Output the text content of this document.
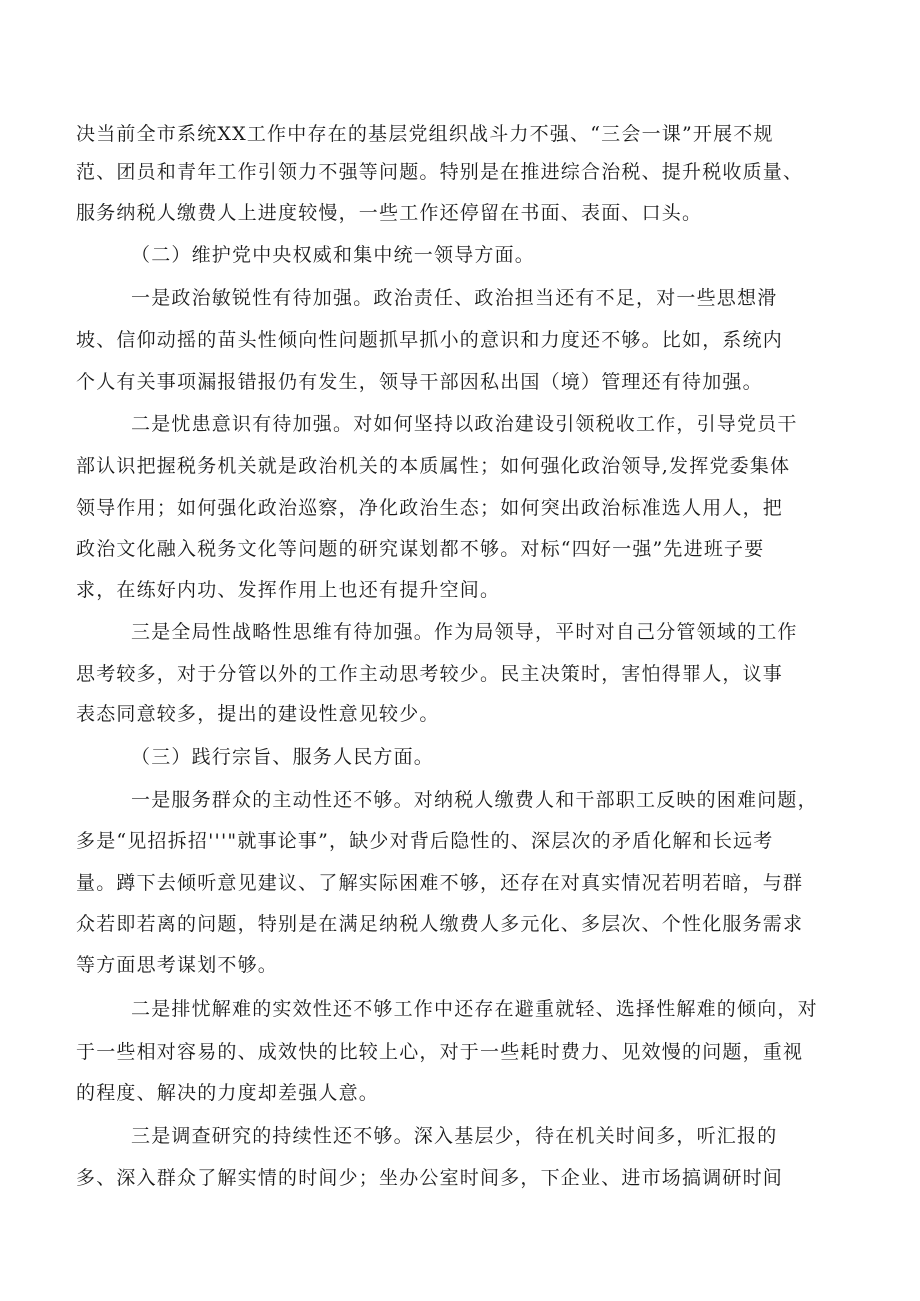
决当前全市系统XX工作中存在的基层党组织战斗力不强、“三会一课”开展不规

范、团员和青年工作引领力不强等问题。特别是在推进综合治税、提升税收质量、

服务纳税人缴费人上进度较慢，一些工作还停留在书面、表面、口头。

（二）维护党中央权威和集中统一领导方面。

一是政治敏锐性有待加强。政治责任、政治担当还有不足，对一些思想滑

坡、信仰动摇的苗头性倾向性问题抓早抓小的意识和力度还不够。比如，系统内

个人有关事项漏报错报仍有发生，领导干部因私出国（境）管理还有待加强。

二是忧患意识有待加强。对如何坚持以政治建设引领税收工作，引导党员干

部认识把握税务机关就是政治机关的本质属性；如何强化政治领导,发挥党委集体

领导作用；如何强化政治巡察，净化政治生态；如何突出政治标准选人用人，把

政治文化融入税务文化等问题的研究谋划都不够。对标“四好一强”先进班子要

求，在练好内功、发挥作用上也还有提升空间。

三是全局性战略性思维有待加强。作为局领导，平时对自己分管领域的工作

思考较多，对于分管以外的工作主动思考较少。民主决策时，害怕得罪人，议事

表态同意较多，提出的建设性意见较少。

（三）践行宗旨、服务人民方面。

一是服务群众的主动性还不够。对纳税人缴费人和干部职工反映的困难问题，

多是“见招拆招'''"就事论事”，缺少对背后隐性的、深层次的矛盾化解和长远考

量。蹲下去倾听意见建议、了解实际困难不够，还存在对真实情况若明若暗，与群

众若即若离的问题，特别是在满足纳税人缴费人多元化、多层次、个性化服务需求

等方面思考谋划不够。

二是排忧解难的实效性还不够工作中还存在避重就轻、选择性解难的倾向，对

于一些相对容易的、成效快的比较上心，对于一些耗时费力、见效慢的问题，重视

的程度、解决的力度却差强人意。

三是调查研究的持续性还不够。深入基层少，待在机关时间多，听汇报的

多、深入群众了解实情的时间少；坐办公室时间多，下企业、进市场搞调研时间
